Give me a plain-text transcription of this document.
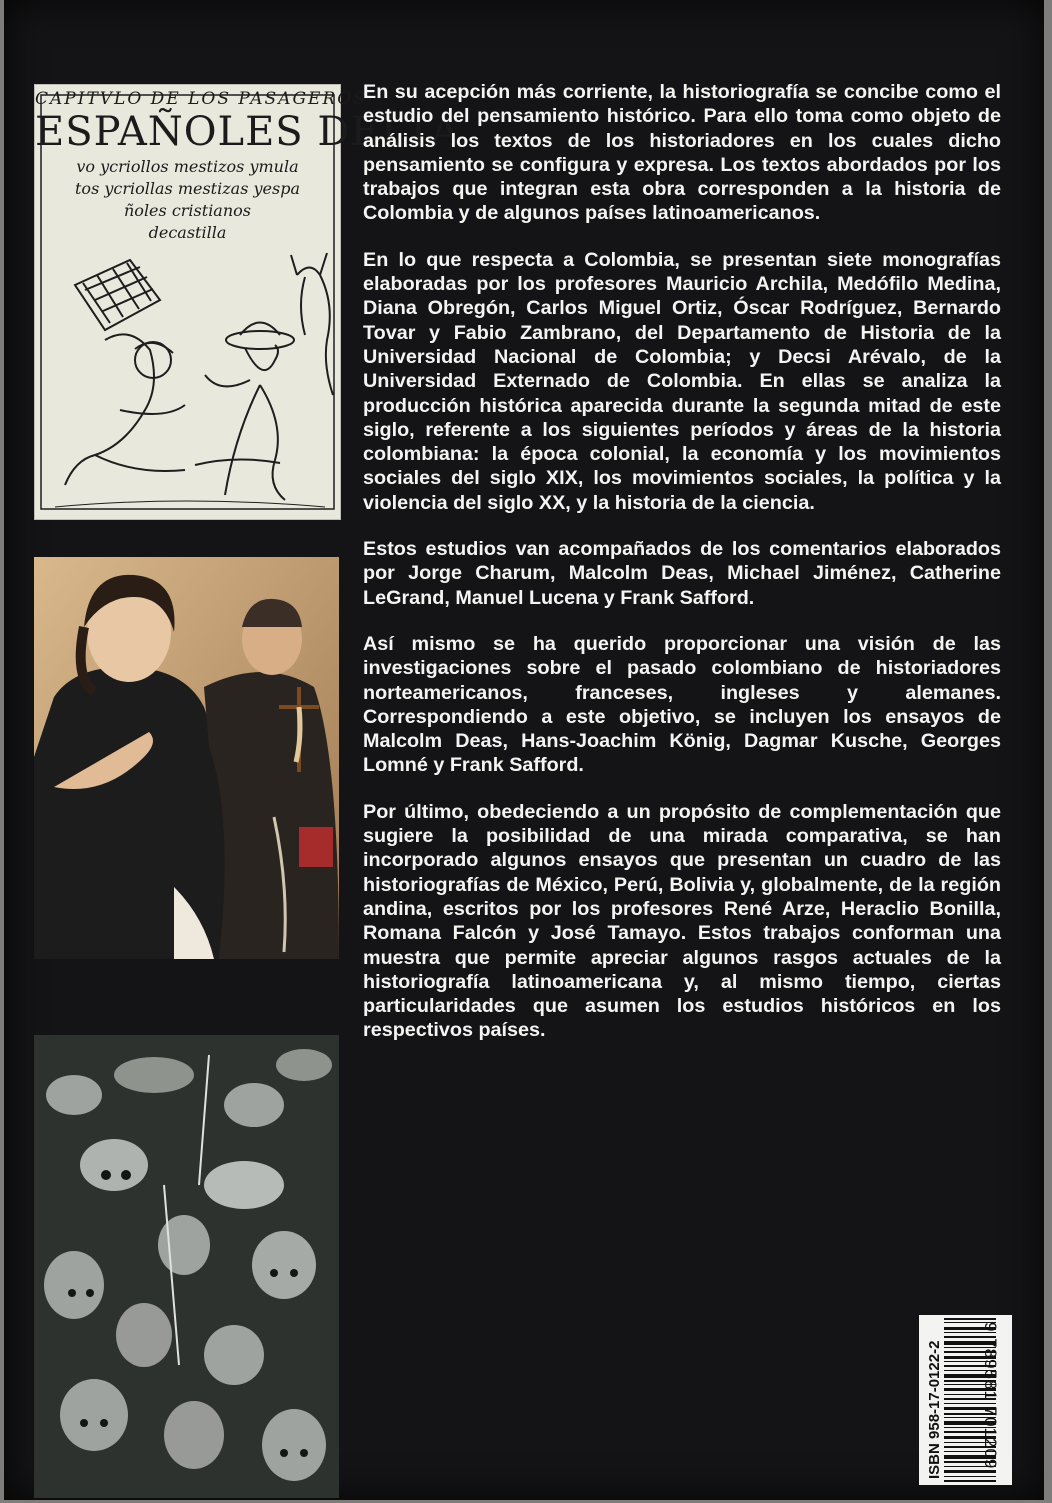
CAPITVLO DE LOS PASAGEROS
ESPAÑOLES DELTA
vo ycriollos mestizos ymula
tos ycriollas mestizas yespa
ñoles cristianos
decastilla

En su acepción más corriente, la historiografía se concibe como el estudio del pensamiento histórico. Para ello toma como objeto de análisis los textos de los historiadores en los cuales dicho pensamiento se configura y expresa. Los textos abordados por los trabajos que integran esta obra corresponden a la historia de Colombia y de algunos países latinoamericanos.

En lo que respecta a Colombia, se presentan siete monografías elaboradas por los profesores Mauricio Archila, Medófilo Medina, Diana Obregón, Carlos Miguel Ortiz, Óscar Rodríguez, Bernardo Tovar y Fabio Zambrano, del Departamento de Historia de la Universidad Nacional de Colombia; y Decsi Arévalo, de la Universidad Externado de Colombia. En ellas se analiza la producción histórica aparecida durante la segunda mitad de este siglo, referente a los siguientes períodos y áreas de la historia colombiana: la época colonial, la economía y los movimientos sociales del siglo XIX, los movimientos sociales, la política y la violencia del siglo XX, y la historia de la ciencia.

Estos estudios van acompañados de los comentarios elaborados por Jorge Charum, Malcolm Deas, Michael Jiménez, Catherine LeGrand, Manuel Lucena y Frank Safford.

Así mismo se ha querido proporcionar una visión de las investigaciones sobre el pasado colombiano de historiadores norteamericanos, franceses, ingleses y alemanes. Correspondiendo a este objetivo, se incluyen los ensayos de Malcolm Deas, Hans-Joachim König, Dagmar Kusche, Georges Lomné y Frank Safford.

Por último, obedeciendo a un propósito de complementación que sugiere la posibilidad de una mirada comparativa, se han incorporado algunos ensayos que presentan un cuadro de las historiografías de México, Perú, Bolivia y, globalmente, de la región andina, escritos por los profesores René Arze, Heraclio Bonilla, Romana Falcón y José Tamayo. Estos trabajos conforman una muestra que permite apreciar algunos rasgos actuales de la historiografía latinoamericana y, al mismo tiempo, ciertas particularidades que asumen los estudios históricos en los respectivos países.

ISBN 958-17-0122-2 9 789581 701209
